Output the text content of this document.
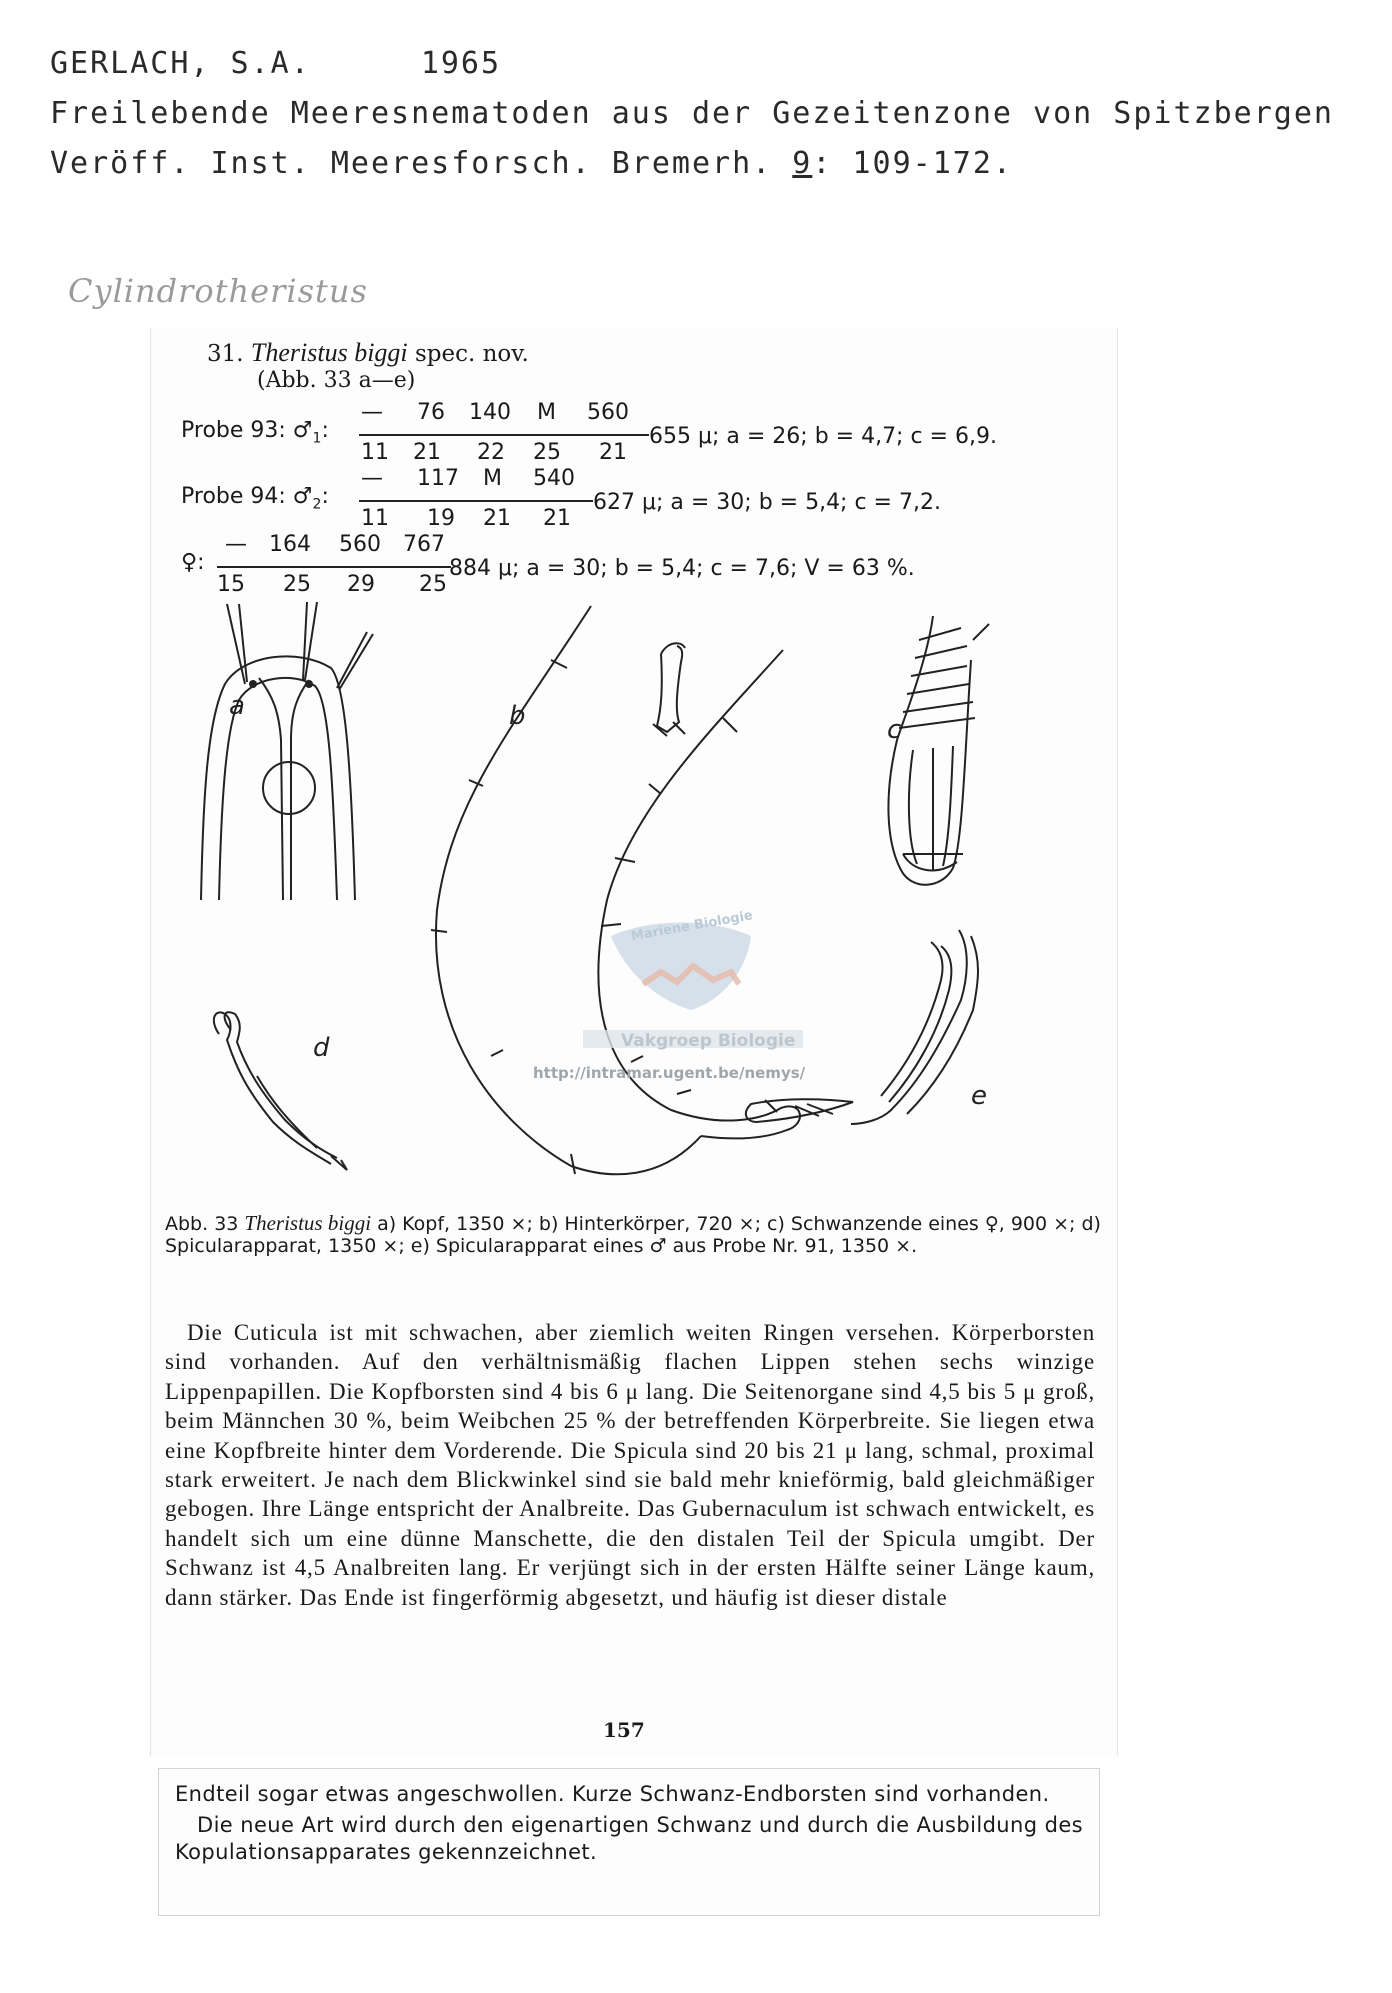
GERLACH, S.A.	1965
Freilebende Meeresnematoden aus der Gezeitenzone von Spitzbergen
Veröff. Inst. Meeresforsch. Bremerh. 9: 109-172.
Cylindrotheristus
31. Theristus biggi spec. nov.
(Abb. 33 a—e)
Probe 93: $♂_1$:
— 76 140 M 560
11 21 22 25 21
655 μ; a = 26; b = 4,7; c = 6,9.
Probe 94: $♂_2$:
— 117 M 540
11 19 21 21
627 μ; a = 30; b = 5,4; c = 7,2.
♀:
— 164 560 767
15 25 29 25
884 μ; a = 30; b = 5,4; c = 7,6; V = 63 %.
Mariene Biologie
Vakgroep Biologie
http://intramar.ugent.be/nemys/
a	b	c
d
e
Abb. 33 Theristus biggi a) Kopf, 1350 ×; b) Hinterkörper, 720 ×; c) Schwanzende eines ♀, 900 ×; d) Spicularapparat, 1350 ×; e) Spicularapparat eines ♂ aus Probe Nr. 91, 1350 ×.
Die Cuticula ist mit schwachen, aber ziemlich weiten Ringen versehen. Körperborsten sind vorhanden. Auf den verhältnismäßig flachen Lippen stehen sechs winzige Lippenpapillen. Die Kopfborsten sind 4 bis 6 μ lang. Die Seitenorgane sind 4,5 bis 5 μ groß, beim Männchen 30 %, beim Weibchen 25 % der betreffenden Körperbreite. Sie liegen etwa eine Kopfbreite hinter dem Vorderende. Die Spicula sind 20 bis 21 μ lang, schmal, proximal stark erweitert. Je nach dem Blickwinkel sind sie bald mehr knieförmig, bald gleichmäßiger gebogen. Ihre Länge entspricht der Analbreite. Das Gubernaculum ist schwach entwickelt, es handelt sich um eine dünne Manschette, die den distalen Teil der Spicula umgibt. Der Schwanz ist 4,5 Analbreiten lang. Er verjüngt sich in der ersten Hälfte seiner Länge kaum, dann stärker. Das Ende ist fingerförmig abgesetzt, und häufig ist dieser distale
157

Endteil sogar etwas angeschwollen. Kurze Schwanz-Endborsten sind vorhanden.

Die neue Art wird durch den eigenartigen Schwanz und durch die Ausbildung des Kopulationsapparates gekennzeichnet.
